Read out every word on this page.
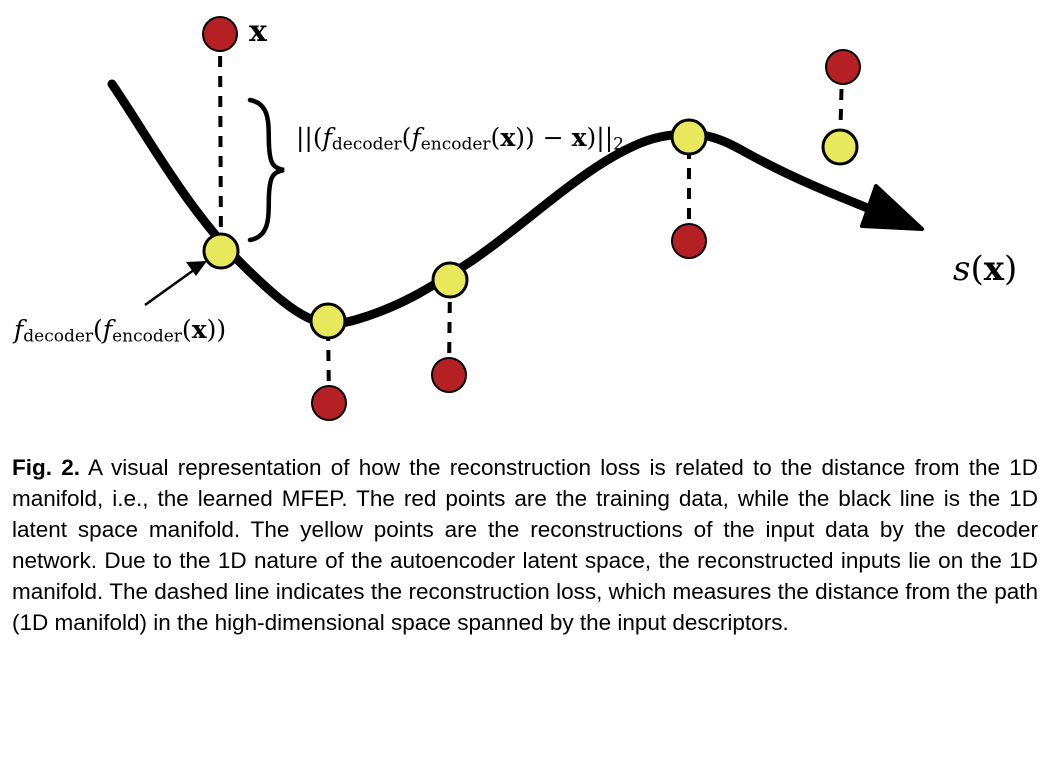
x
$||(f_{decoder}(f_{encoder}(x)) - x)||_2$
$f_{decoder}(f_{encoder}(x))$
s(x)
Fig. 2. A visual representation of how the reconstruction loss is related to the distance from the 1D manifold, i.e., the learned MFEP. The red points are the training data, while the black line is the 1D latent space manifold. The yellow points are the reconstructions of the input data by the decoder network. Due to the 1D nature of the autoencoder latent space, the reconstructed inputs lie on the 1D manifold. The dashed line indicates the reconstruction loss, which measures the distance from the path (1D manifold) in the high-dimensional space spanned by the input descriptors.
